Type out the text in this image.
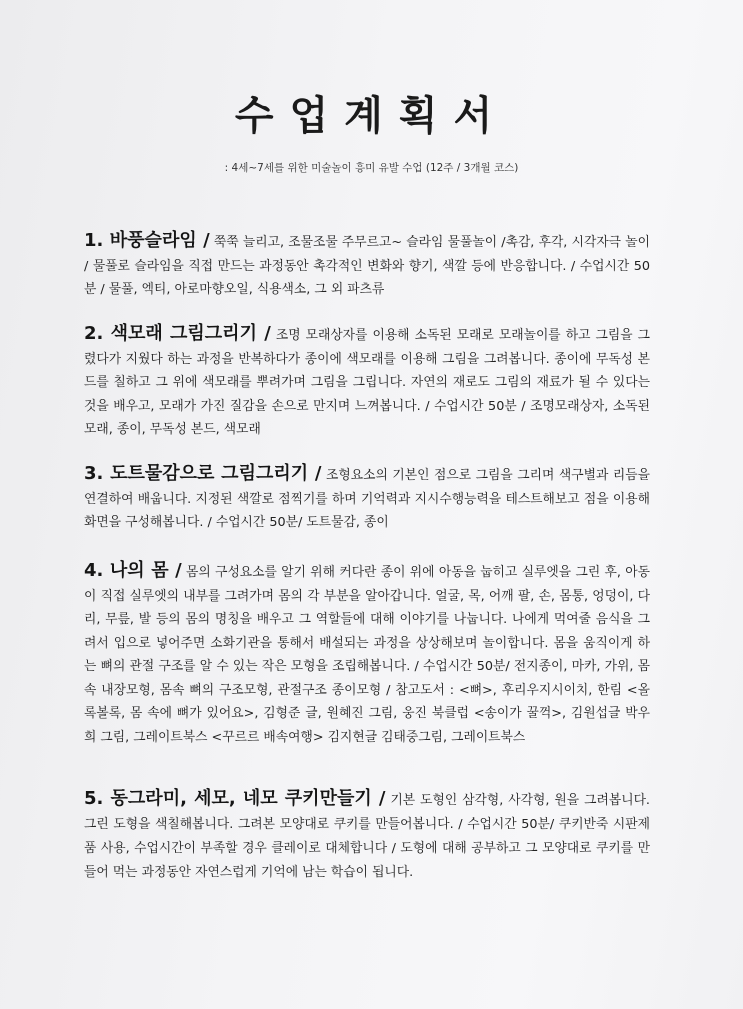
수업계획서
: 4세~7세를 위한 미술놀이 흥미 유발 수업 (12주 / 3개월 코스)
1. 바풍슬라임 / 쭉쭉 늘리고, 조물조물 주무르고~ 슬라임 물풀놀이 /촉감, 후각, 시각자극 놀이 / 물풀로 슬라임을 직접 만드는 과정동안 촉각적인 변화와 향기, 색깔 등에 반응합니다. / 수업시간 50분 / 물풀, 엑티, 아로마향오일, 식용색소, 그 외 파츠류
2. 색모래 그림그리기 / 조명 모래상자를 이용해 소독된 모래로 모래놀이를 하고 그림을 그렸다가 지웠다 하는 과정을 반복하다가 종이에 색모래를 이용해 그림을 그려봅니다. 종이에 무독성 본드를 칠하고 그 위에 색모래를 뿌려가며 그림을 그립니다. 자연의 재로도 그림의 재료가 될 수 있다는 것을 배우고, 모래가 가진 질감을 손으로 만지며 느껴봅니다. / 수업시간 50분 / 조명모래상자, 소독된 모래, 종이, 무독성 본드, 색모래
3. 도트물감으로 그림그리기 / 조형요소의 기본인 점으로 그림을 그리며 색구별과 리듬을 연결하여 배웁니다. 지정된 색깔로 점찍기를 하며 기억력과 지시수행능력을 테스트해보고 점을 이용해 화면을 구성해봅니다. / 수업시간 50분/ 도트물감, 종이
4. 나의 몸 / 몸의 구성요소를 알기 위해 커다란 종이 위에 아동을 눕히고 실루엣을 그린 후, 아동이 직접 실루엣의 내부를 그려가며 몸의 각 부분을 알아갑니다. 얼굴, 목, 어깨 팔, 손, 몸통, 엉덩이, 다리, 무릎, 발 등의 몸의 명칭을 배우고 그 역할들에 대해 이야기를 나눕니다. 나에게 먹여줄 음식을 그려서 입으로 넣어주면 소화기관을 통해서 배설되는 과정을 상상해보며 놀이합니다. 몸을 움직이게 하는 뼈의 관절 구조를 알 수 있는 작은 모형을 조립해봅니다. / 수업시간 50분/ 전지종이, 마카, 가위, 몸속 내장모형, 몸속 뼈의 구조모형, 관절구조 종이모형 / 참고도서 : <뼈>, 후리우지시이치, 한림 <올록볼록, 몸 속에 뼈가 있어요>, 김형준 글, 원혜진 그림, 웅진 북클럽 <송이가 꿀꺽>, 김원섭글 박우희 그림, 그레이트북스 <꾸르르 배속여행> 김지현글 김태중그림, 그레이트북스
5. 동그라미, 세모, 네모 쿠키만들기 / 기본 도형인 삼각형, 사각형, 원을 그려봅니다. 그린 도형을 색칠해봅니다. 그려본 모양대로 쿠키를 만들어봅니다. / 수업시간 50분/ 쿠키반죽 시판제품 사용, 수업시간이 부족할 경우 클레이로 대체합니다 / 도형에 대해 공부하고 그 모양대로 쿠키를 만들어 먹는 과정동안 자연스럽게 기억에 남는 학습이 됩니다.
